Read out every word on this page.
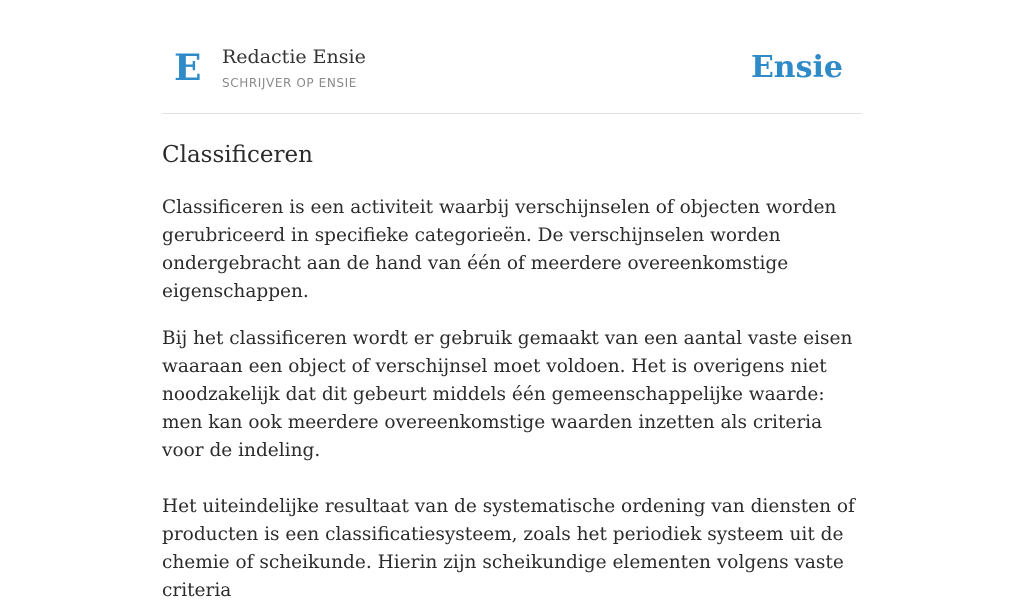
E Redactie Ensie
SCHRIJVER OP ENSIE	Ensie
Classificeren

Classificeren is een activiteit waarbij verschijnselen of objecten worden gerubriceerd in specifieke categorieën. De verschijnselen worden ondergebracht aan de hand van één of meerdere overeenkomstige eigenschappen.

Bij het classificeren wordt er gebruik gemaakt van een aantal vaste eisen waaraan een object of verschijnsel moet voldoen. Het is overigens niet noodzakelijk dat dit gebeurt middels één gemeenschappelijke waarde: men kan ook meerdere overeenkomstige waarden inzetten als criteria voor de indeling.

Het uiteindelijke resultaat van de systematische ordening van diensten of producten is een classificatiesysteem, zoals het periodiek systeem uit de chemie of scheikunde. Hierin zijn scheikundige elementen volgens vaste criteria
